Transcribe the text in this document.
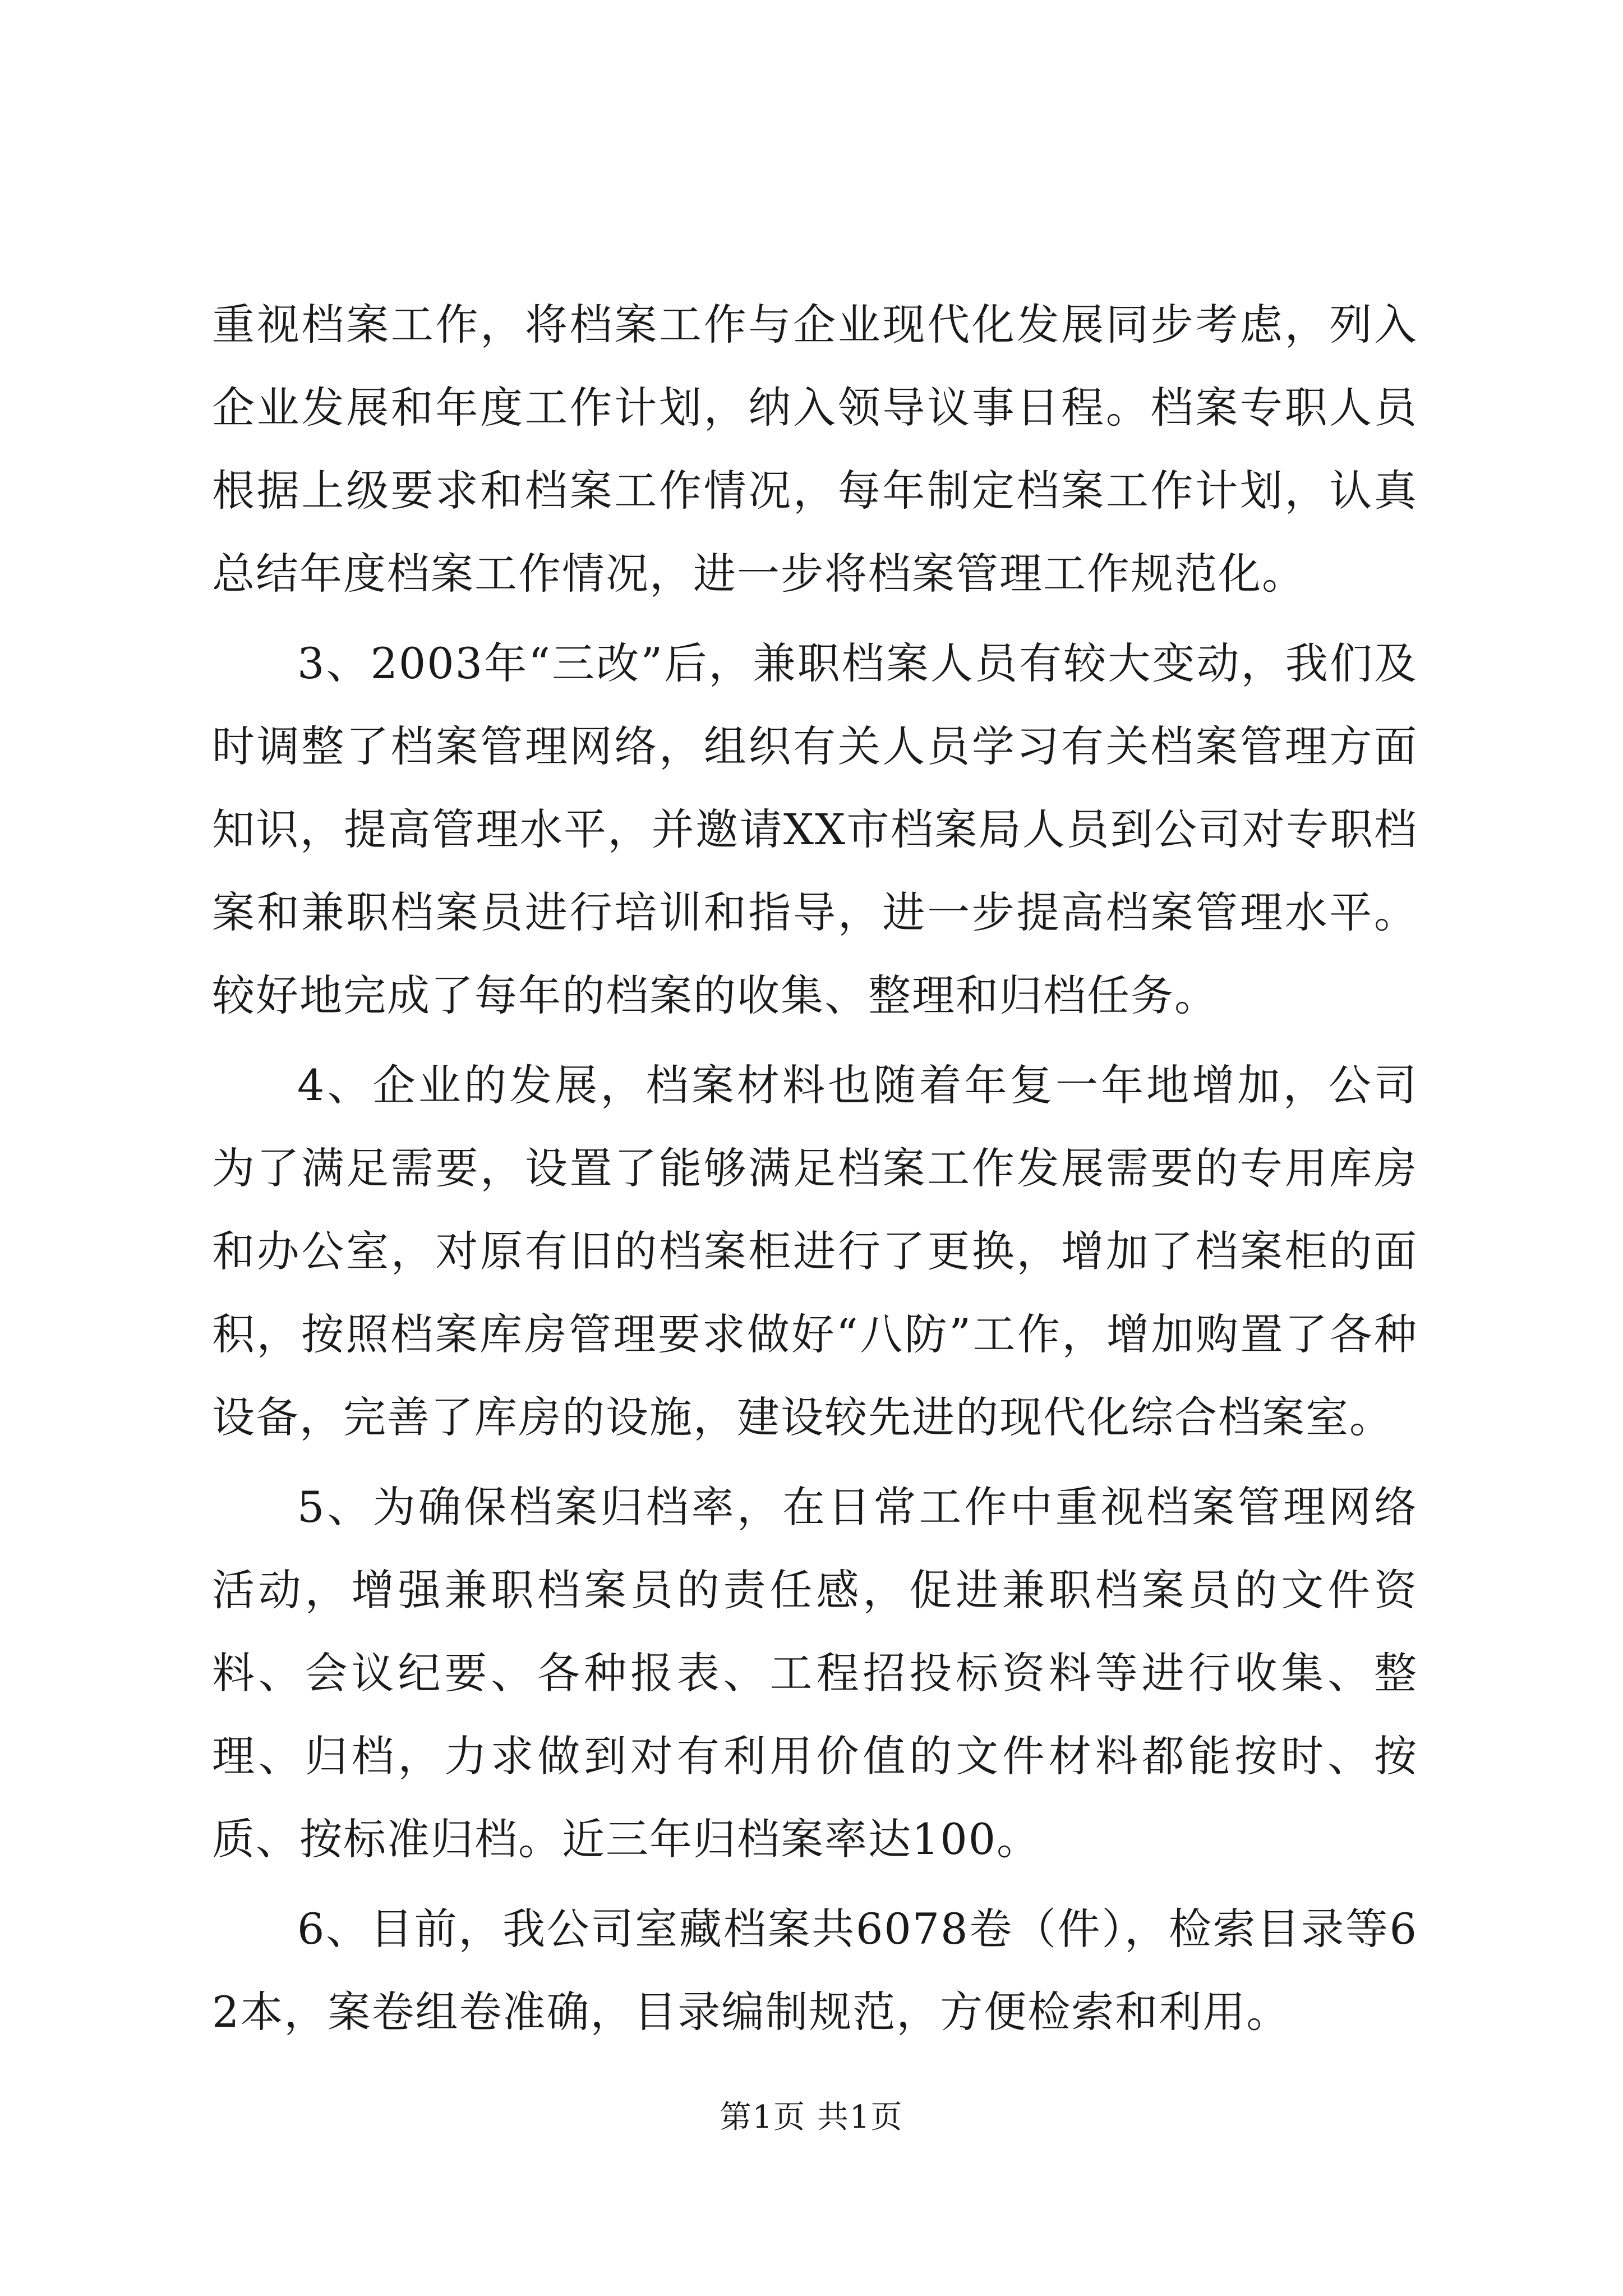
重视档案工作，将档案工作与企业现代化发展同步考虑，列入企业发展和年度工作计划，纳入领导议事日程。档案专职人员根据上级要求和档案工作情况，每年制定档案工作计划，认真总结年度档案工作情况，进一步将档案管理工作规范化。

3、2003年“三改”后，兼职档案人员有较大变动，我们及时调整了档案管理网络，组织有关人员学习有关档案管理方面知识，提高管理水平，并邀请XX市档案局人员到公司对专职档案和兼职档案员进行培训和指导，进一步提高档案管理水平。较好地完成了每年的档案的收集、整理和归档任务。

4、企业的发展，档案材料也随着年复一年地增加，公司为了满足需要，设置了能够满足档案工作发展需要的专用库房和办公室，对原有旧的档案柜进行了更换，增加了档案柜的面积，按照档案库房管理要求做好“八防”工作，增加购置了各种设备，完善了库房的设施，建设较先进的现代化综合档案室。

5、为确保档案归档率，在日常工作中重视档案管理网络活动，增强兼职档案员的责任感，促进兼职档案员的文件资料、会议纪要、各种报表、工程招投标资料等进行收集、整理、归档，力求做到对有利用价值的文件材料都能按时、按质、按标准归档。近三年归档案率达100。

6、目前，我公司室藏档案共6078卷（件），检索目录等62本，案卷组卷准确，目录编制规范，方便检索和利用。

第1页 共1页
